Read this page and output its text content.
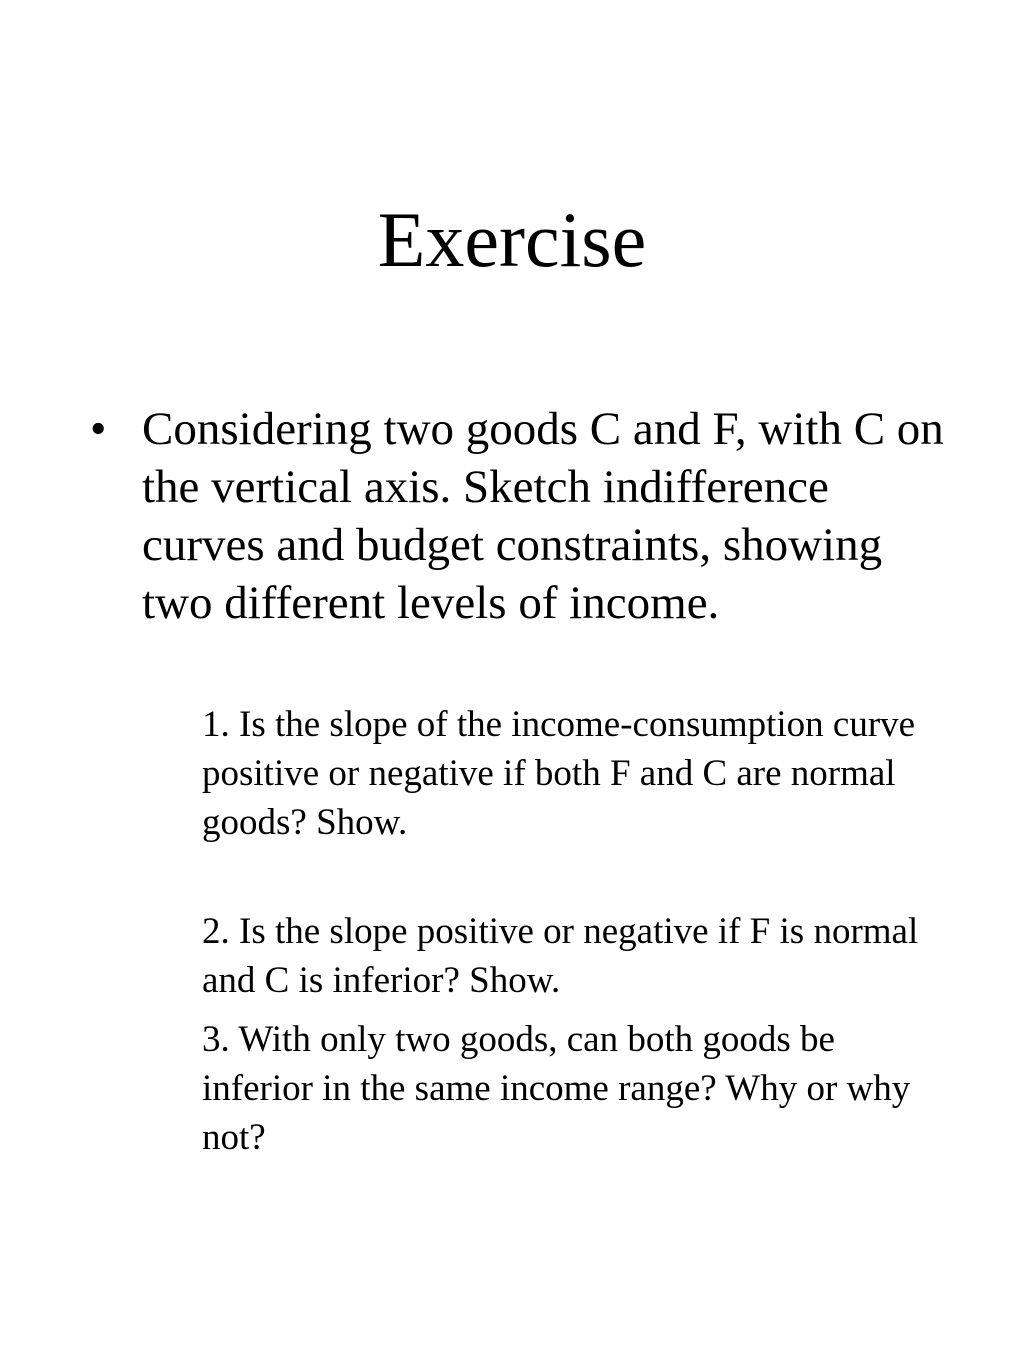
Exercise
• Considering two goods C and F, with C on the vertical axis. Sketch indifference curves and budget constraints, showing two different levels of income.

1. Is the slope of the income-consumption curve positive or negative if both F and C are normal goods? Show.

2. Is the slope positive or negative if F is normal and C is inferior? Show.

3. With only two goods, can both goods be inferior in the same income range? Why or why not?
